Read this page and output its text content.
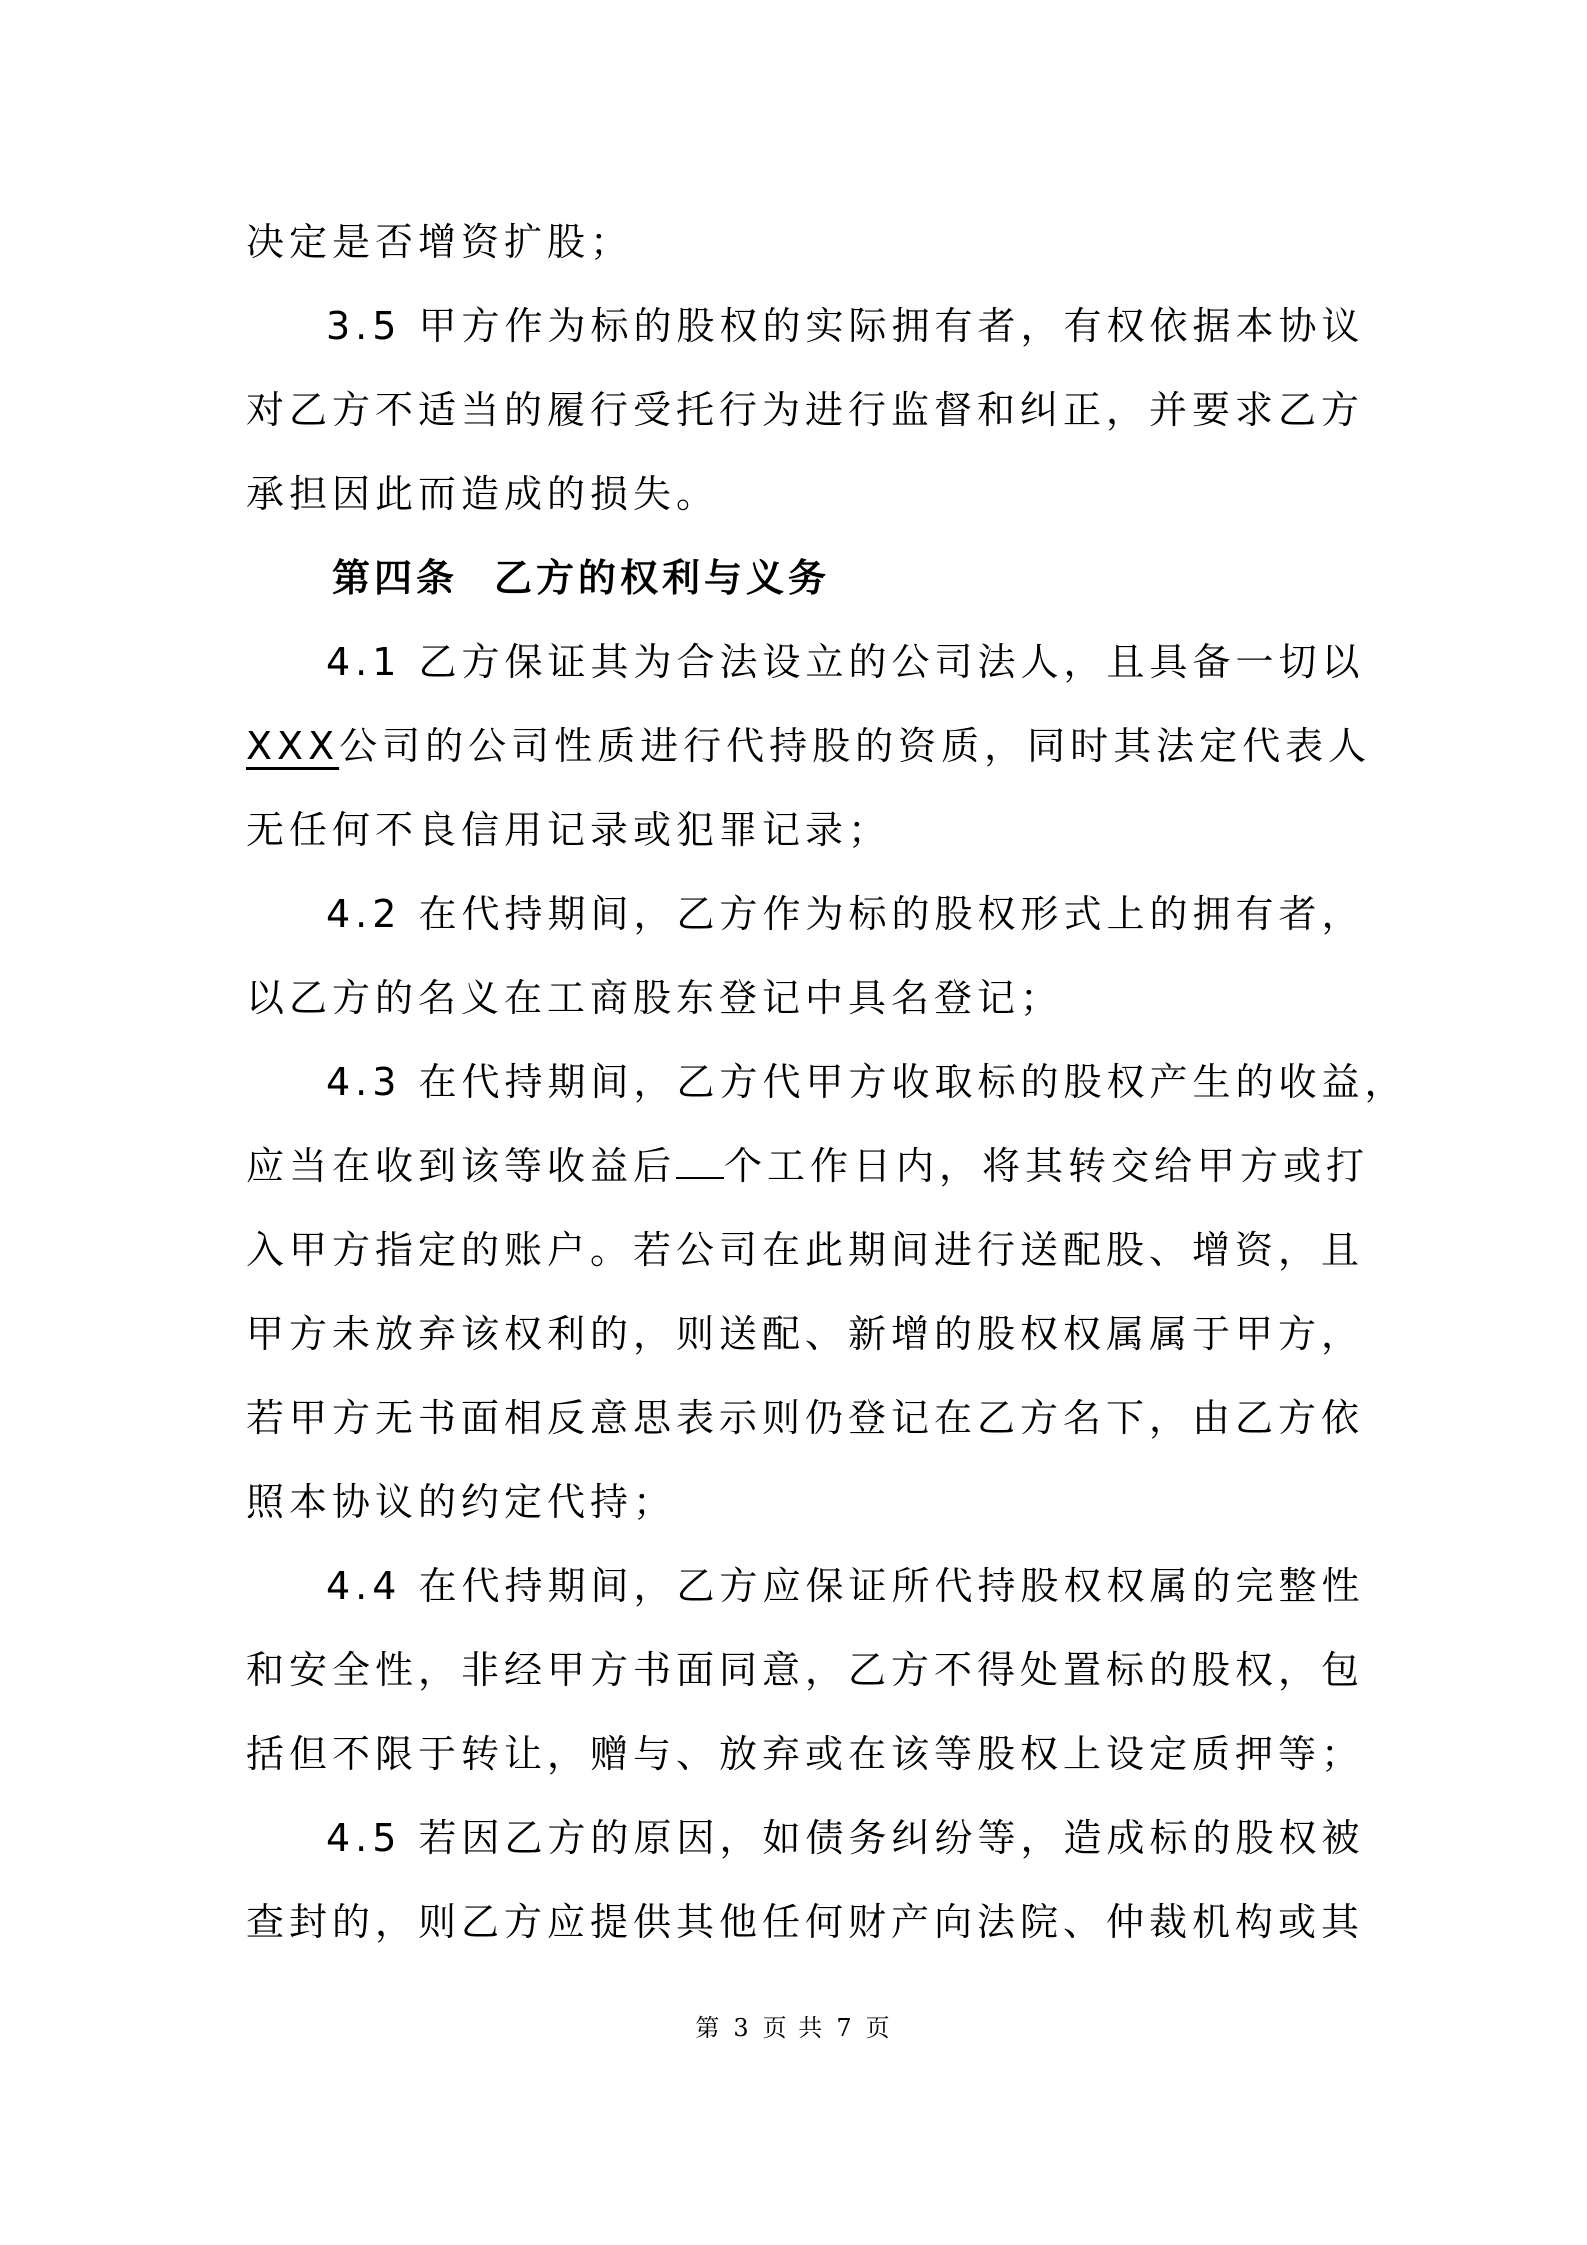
决定是否增资扩股；
3.5 甲方作为标的股权的实际拥有者，有权依据本协议
对乙方不适当的履行受托行为进行监督和纠正，并要求乙方
承担因此而造成的损失。
第四条 乙方的权利与义务
4.1 乙方保证其为合法设立的公司法人，且具备一切以
XXX公司的公司性质进行代持股的资质，同时其法定代表人
无任何不良信用记录或犯罪记录；
4.2 在代持期间，乙方作为标的股权形式上的拥有者，
以乙方的名义在工商股东登记中具名登记；
4.3 在代持期间，乙方代甲方收取标的股权产生的收益，
应当在收到该等收益后 个工作日内，将其转交给甲方或打
入甲方指定的账户。若公司在此期间进行送配股、增资，且
甲方未放弃该权利的，则送配、新增的股权权属属于甲方，
若甲方无书面相反意思表示则仍登记在乙方名下，由乙方依
照本协议的约定代持；
4.4 在代持期间，乙方应保证所代持股权权属的完整性
和安全性，非经甲方书面同意，乙方不得处置标的股权，包
括但不限于转让，赠与、放弃或在该等股权上设定质押等；
4.5 若因乙方的原因，如债务纠纷等，造成标的股权被
查封的，则乙方应提供其他任何财产向法院、仲裁机构或其
第 3 页 共 7 页
